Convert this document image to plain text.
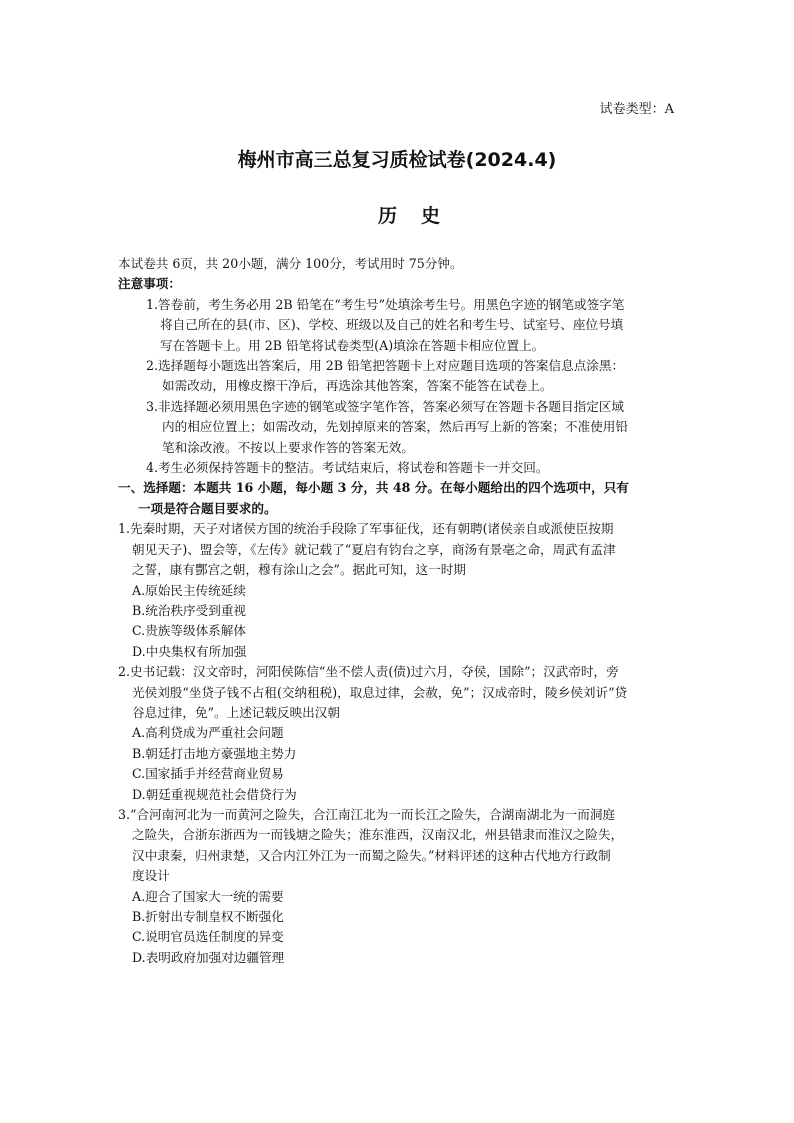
试卷类型：A
梅州市高三总复习质检试卷(2024.4)
历史
本试卷共 6页，共 20小题，满分 100分，考试用时 75分钟。
注意事项：
1.答卷前，考生务必用 2B 铅笔在“考生号”处填涂考生号。用黑色字迹的钢笔或签字笔
将自己所在的县(市、区)、学校、班级以及自己的姓名和考生号、试室号、座位号填
写在答题卡上。用 2B 铅笔将试卷类型(A)填涂在答题卡相应位置上。
2.选择题每小题选出答案后，用 2B 铅笔把答题卡上对应题目选项的答案信息点涂黑：
如需改动，用橡皮擦干净后，再选涂其他答案，答案不能答在试卷上。
3.非选择题必须用黑色字迹的钢笔或签字笔作答，答案必须写在答题卡各题目指定区域
内的相应位置上；如需改动，先划掉原来的答案，然后再写上新的答案；不准使用铅
笔和涂改液。不按以上要求作答的答案无效。
4.考生必须保持答题卡的整洁。考试结束后，将试卷和答题卡一并交回。
一、选择题：本题共 16 小题，每小题 3 分，共 48 分。在每小题给出的四个选项中，只有
一项是符合题目要求的。
1.先秦时期，天子对诸侯方国的统治手段除了军事征伐，还有朝聘(诸侯亲自或派使臣按期
朝见天子)、盟会等，《左传》就记载了“夏启有钧台之享，商汤有景亳之命，周武有孟津
之誓，康有酆宫之朝，穆有涂山之会”。据此可知，这一时期
A.原始民主传统延续
B.统治秩序受到重视
C.贵族等级体系解体
D.中央集权有所加强
2.史书记载：汉文帝时，河阳侯陈信“坐不偿人责(债)过六月，夺侯，国除”；汉武帝时，旁
光侯刘殷“坐贷子钱不占租(交纳租税)，取息过律，会赦，免”；汉成帝时，陵乡侯刘䜣“贷
谷息过律，免”。上述记载反映出汉朝
A.高利贷成为严重社会问题
B.朝廷打击地方豪强地主势力
C.国家插手并经营商业贸易
D.朝廷重视规范社会借贷行为
3.“合河南河北为一而黄河之险失，合江南江北为一而长江之险失，合湖南湖北为一而洞庭
之险失，合浙东浙西为一而钱塘之险失；淮东淮西，汉南汉北，州县错隶而淮汉之险失，
汉中隶秦，归州隶楚，又合内江外江为一而蜀之险失。”材料评述的这种古代地方行政制
度设计
A.迎合了国家大一统的需要
B.折射出专制皇权不断强化
C.说明官员选任制度的异变
D.表明政府加强对边疆管理
